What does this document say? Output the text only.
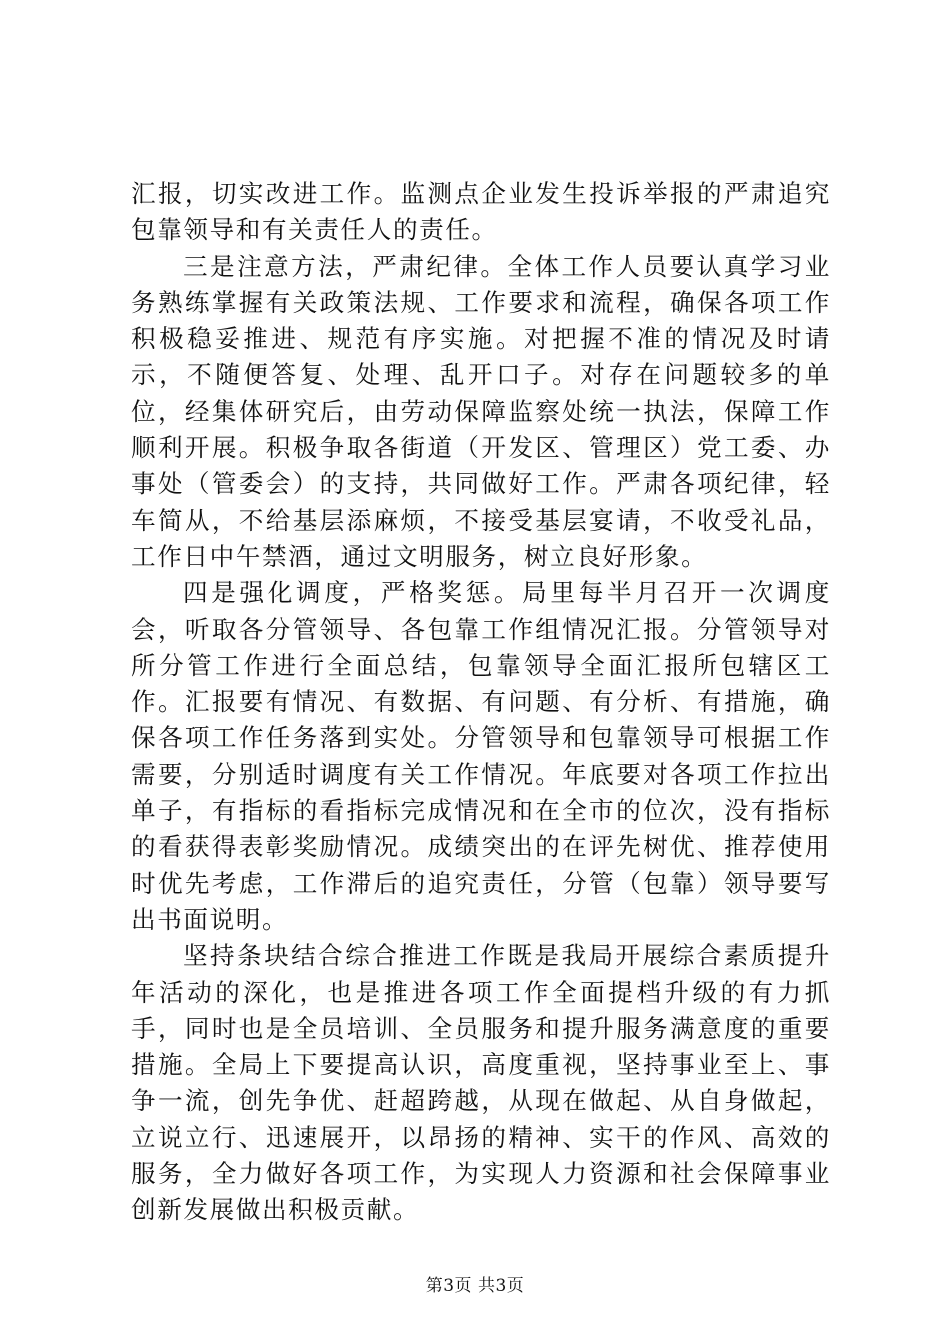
汇报，切实改进工作。监测点企业发生投诉举报的严肃追究包靠领导和有关责任人的责任。

三是注意方法，严肃纪律。全体工作人员要认真学习业务熟练掌握有关政策法规、工作要求和流程，确保各项工作积极稳妥推进、规范有序实施。对把握不准的情况及时请示，不随便答复、处理、乱开口子。对存在问题较多的单位，经集体研究后，由劳动保障监察处统一执法，保障工作顺利开展。积极争取各街道（开发区、管理区）党工委、办事处（管委会）的支持，共同做好工作。严肃各项纪律，轻车简从，不给基层添麻烦，不接受基层宴请，不收受礼品，工作日中午禁酒，通过文明服务，树立良好形象。

四是强化调度，严格奖惩。局里每半月召开一次调度会，听取各分管领导、各包靠工作组情况汇报。分管领导对所分管工作进行全面总结，包靠领导全面汇报所包辖区工作。汇报要有情况、有数据、有问题、有分析、有措施，确保各项工作任务落到实处。分管领导和包靠领导可根据工作需要，分别适时调度有关工作情况。年底要对各项工作拉出单子，有指标的看指标完成情况和在全市的位次，没有指标的看获得表彰奖励情况。成绩突出的在评先树优、推荐使用时优先考虑，工作滞后的追究责任，分管（包靠）领导要写出书面说明。

坚持条块结合综合推进工作既是我局开展综合素质提升年活动的深化，也是推进各项工作全面提档升级的有力抓手，同时也是全员培训、全员服务和提升服务满意度的重要措施。全局上下要提高认识，高度重视，坚持事业至上、事争一流，创先争优、赶超跨越，从现在做起、从自身做起，立说立行、迅速展开，以昂扬的精神、实干的作风、高效的服务，全力做好各项工作，为实现人力资源和社会保障事业创新发展做出积极贡献。

第3页 共3页
